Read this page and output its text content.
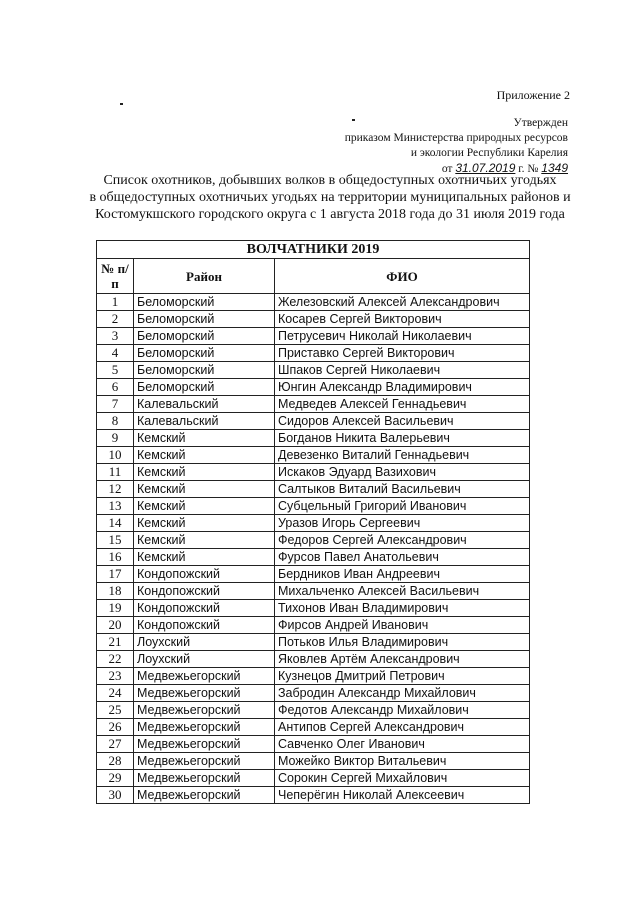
Приложение 2
Утвержден
приказом Министерства природных ресурсов
и экологии Республики Карелия
от 31.07.2019 г. № 1349
Список охотников, добывших волков в общедоступных охотничьих угодьях
в общедоступных охотничьих угодьях на территории муниципальных районов и
Костомукшского городского округа с 1 августа 2018 года до 31 июля 2019 года
ВОЛЧАТНИКИ 2019		
№ п/п	Район	ФИО
1	Беломорский	Железовский Алексей Александрович
2	Беломорский	Косарев Сергей Викторович
3	Беломорский	Петрусевич Николай Николаевич
4	Беломорский	Приставко Сергей Викторович
5	Беломорский	Шпаков Сергей Николаевич
6	Беломорский	Юнгин Александр Владимирович
7	Калевальский	Медведев Алексей Геннадьевич
8	Калевальский	Сидоров Алексей Васильевич
9	Кемский	Богданов Никита Валерьевич
10	Кемский	Девезенко Виталий Геннадьевич
11	Кемский	Искаков Эдуард Вазихович
12	Кемский	Салтыков Виталий Васильевич
13	Кемский	Субцельный Григорий Иванович
14	Кемский	Уразов Игорь Сергеевич
15	Кемский	Федоров Сергей Александрович
16	Кемский	Фурсов Павел Анатольевич
17	Кондопожский	Бердников Иван Андреевич
18	Кондопожский	Михальченко Алексей Васильевич
19	Кондопожский	Тихонов Иван Владимирович
20	Кондопожский	Фирсов Андрей Иванович
21	Лоухский	Потьков Илья Владимирович
22	Лоухский	Яковлев Артём Александрович
23	Медвежьегорский	Кузнецов Дмитрий Петрович
24	Медвежьегорский	Забродин Александр Михайлович
25	Медвежьегорский	Федотов Александр Михайлович
26	Медвежьегорский	Антипов Сергей Александрович
27	Медвежьегорский	Савченко Олег Иванович
28	Медвежьегорский	Можейко Виктор Витальевич
29	Медвежьегорский	Сорокин Сергей Михайлович
30	Медвежьегорский	Чеперёгин Николай Алексеевич
